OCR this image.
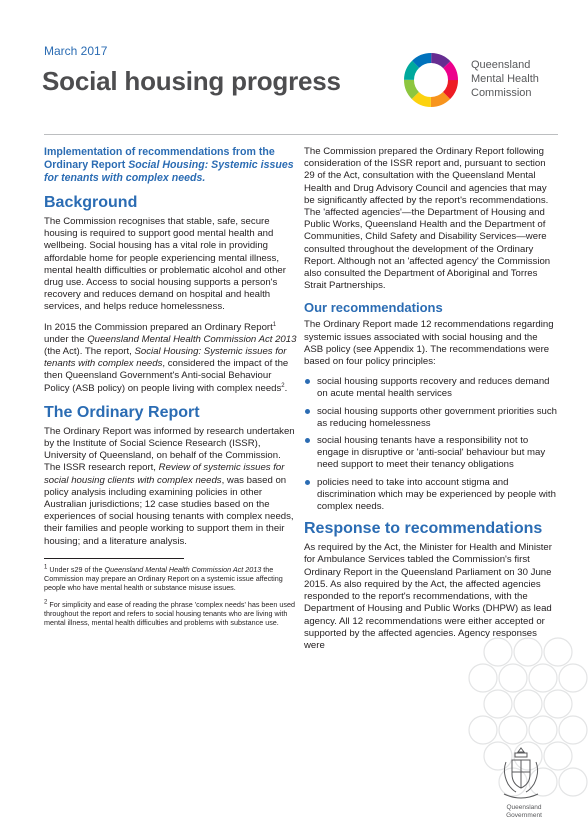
March 2017
Social housing progress
Queensland
Mental Health
Commission

Implementation of recommendations from the Ordinary Report Social Housing: Systemic issues for tenants with complex needs.

Background

The Commission recognises that stable, safe, secure housing is required to support good mental health and wellbeing. Social housing has a vital role in providing affordable home for people experiencing mental illness, mental health difficulties or problematic alcohol and other drug use. Access to social housing supports a person's recovery and reduces demand on hospital and health services, and helps reduce homelessness.

In 2015 the Commission prepared an Ordinary Report$^1$ under the Queensland Mental Health Commission Act 2013 (the Act). The report, Social Housing: Systemic issues for tenants with complex needs, considered the impact of the then Queensland Government's Anti-social Behaviour Policy (ASB policy) on people living with complex needs$^2$.

The Ordinary Report

The Ordinary Report was informed by research undertaken by the Institute of Social Science Research (ISSR), University of Queensland, on behalf of the Commission. The ISSR research report, Review of systemic issues for social housing clients with complex needs, was based on policy analysis including examining policies in other Australian jurisdictions; 12 case studies based on the experiences of social housing tenants with complex needs, their families and people working to support them in their housing; and a literature analysis.

$^1$ Under s29 of the Queensland Mental Health Commission Act 2013 the Commission may prepare an Ordinary Report on a systemic issue affecting people who have mental health or substance misuse issues.

$^2$ For simplicity and ease of reading the phrase 'complex needs' has been used throughout the report and refers to social housing tenants who are living with mental illness, mental health difficulties and problems with substance use.

The Commission prepared the Ordinary Report following consideration of the ISSR report and, pursuant to section 29 of the Act, consultation with the Queensland Mental Health and Drug Advisory Council and agencies that may be significantly affected by the report's recommendations. The 'affected agencies'—the Department of Housing and Public Works, Queensland Health and the Department of Communities, Child Safety and Disability Services—were consulted throughout the development of the Ordinary Report. Although not an 'affected agency' the Commission also consulted the Department of Aboriginal and Torres Strait Partnerships.

Our recommendations

The Ordinary Report made 12 recommendations regarding systemic issues associated with social housing and the ASB policy (see Appendix 1). The recommendations were based on four policy principles:

social housing supports recovery and reduces demand on acute mental health services
social housing supports other government priorities such as reducing homelessness
social housing tenants have a responsibility not to engage in disruptive or 'anti-social' behaviour but may need support to meet their tenancy obligations
policies need to take into account stigma and discrimination which may be experienced by people with complex needs.
Response to recommendations

As required by the Act, the Minister for Health and Minister for Ambulance Services tabled the Commission's first Ordinary Report in the Queensland Parliament on 30 June 2015. As also required by the Act, the affected agencies responded to the report's recommendations, with the Department of Housing and Public Works (DHPW) as lead agency. All 12 recommendations were either accepted or supported by the affected agencies. Agency responses were

Queensland
Government
